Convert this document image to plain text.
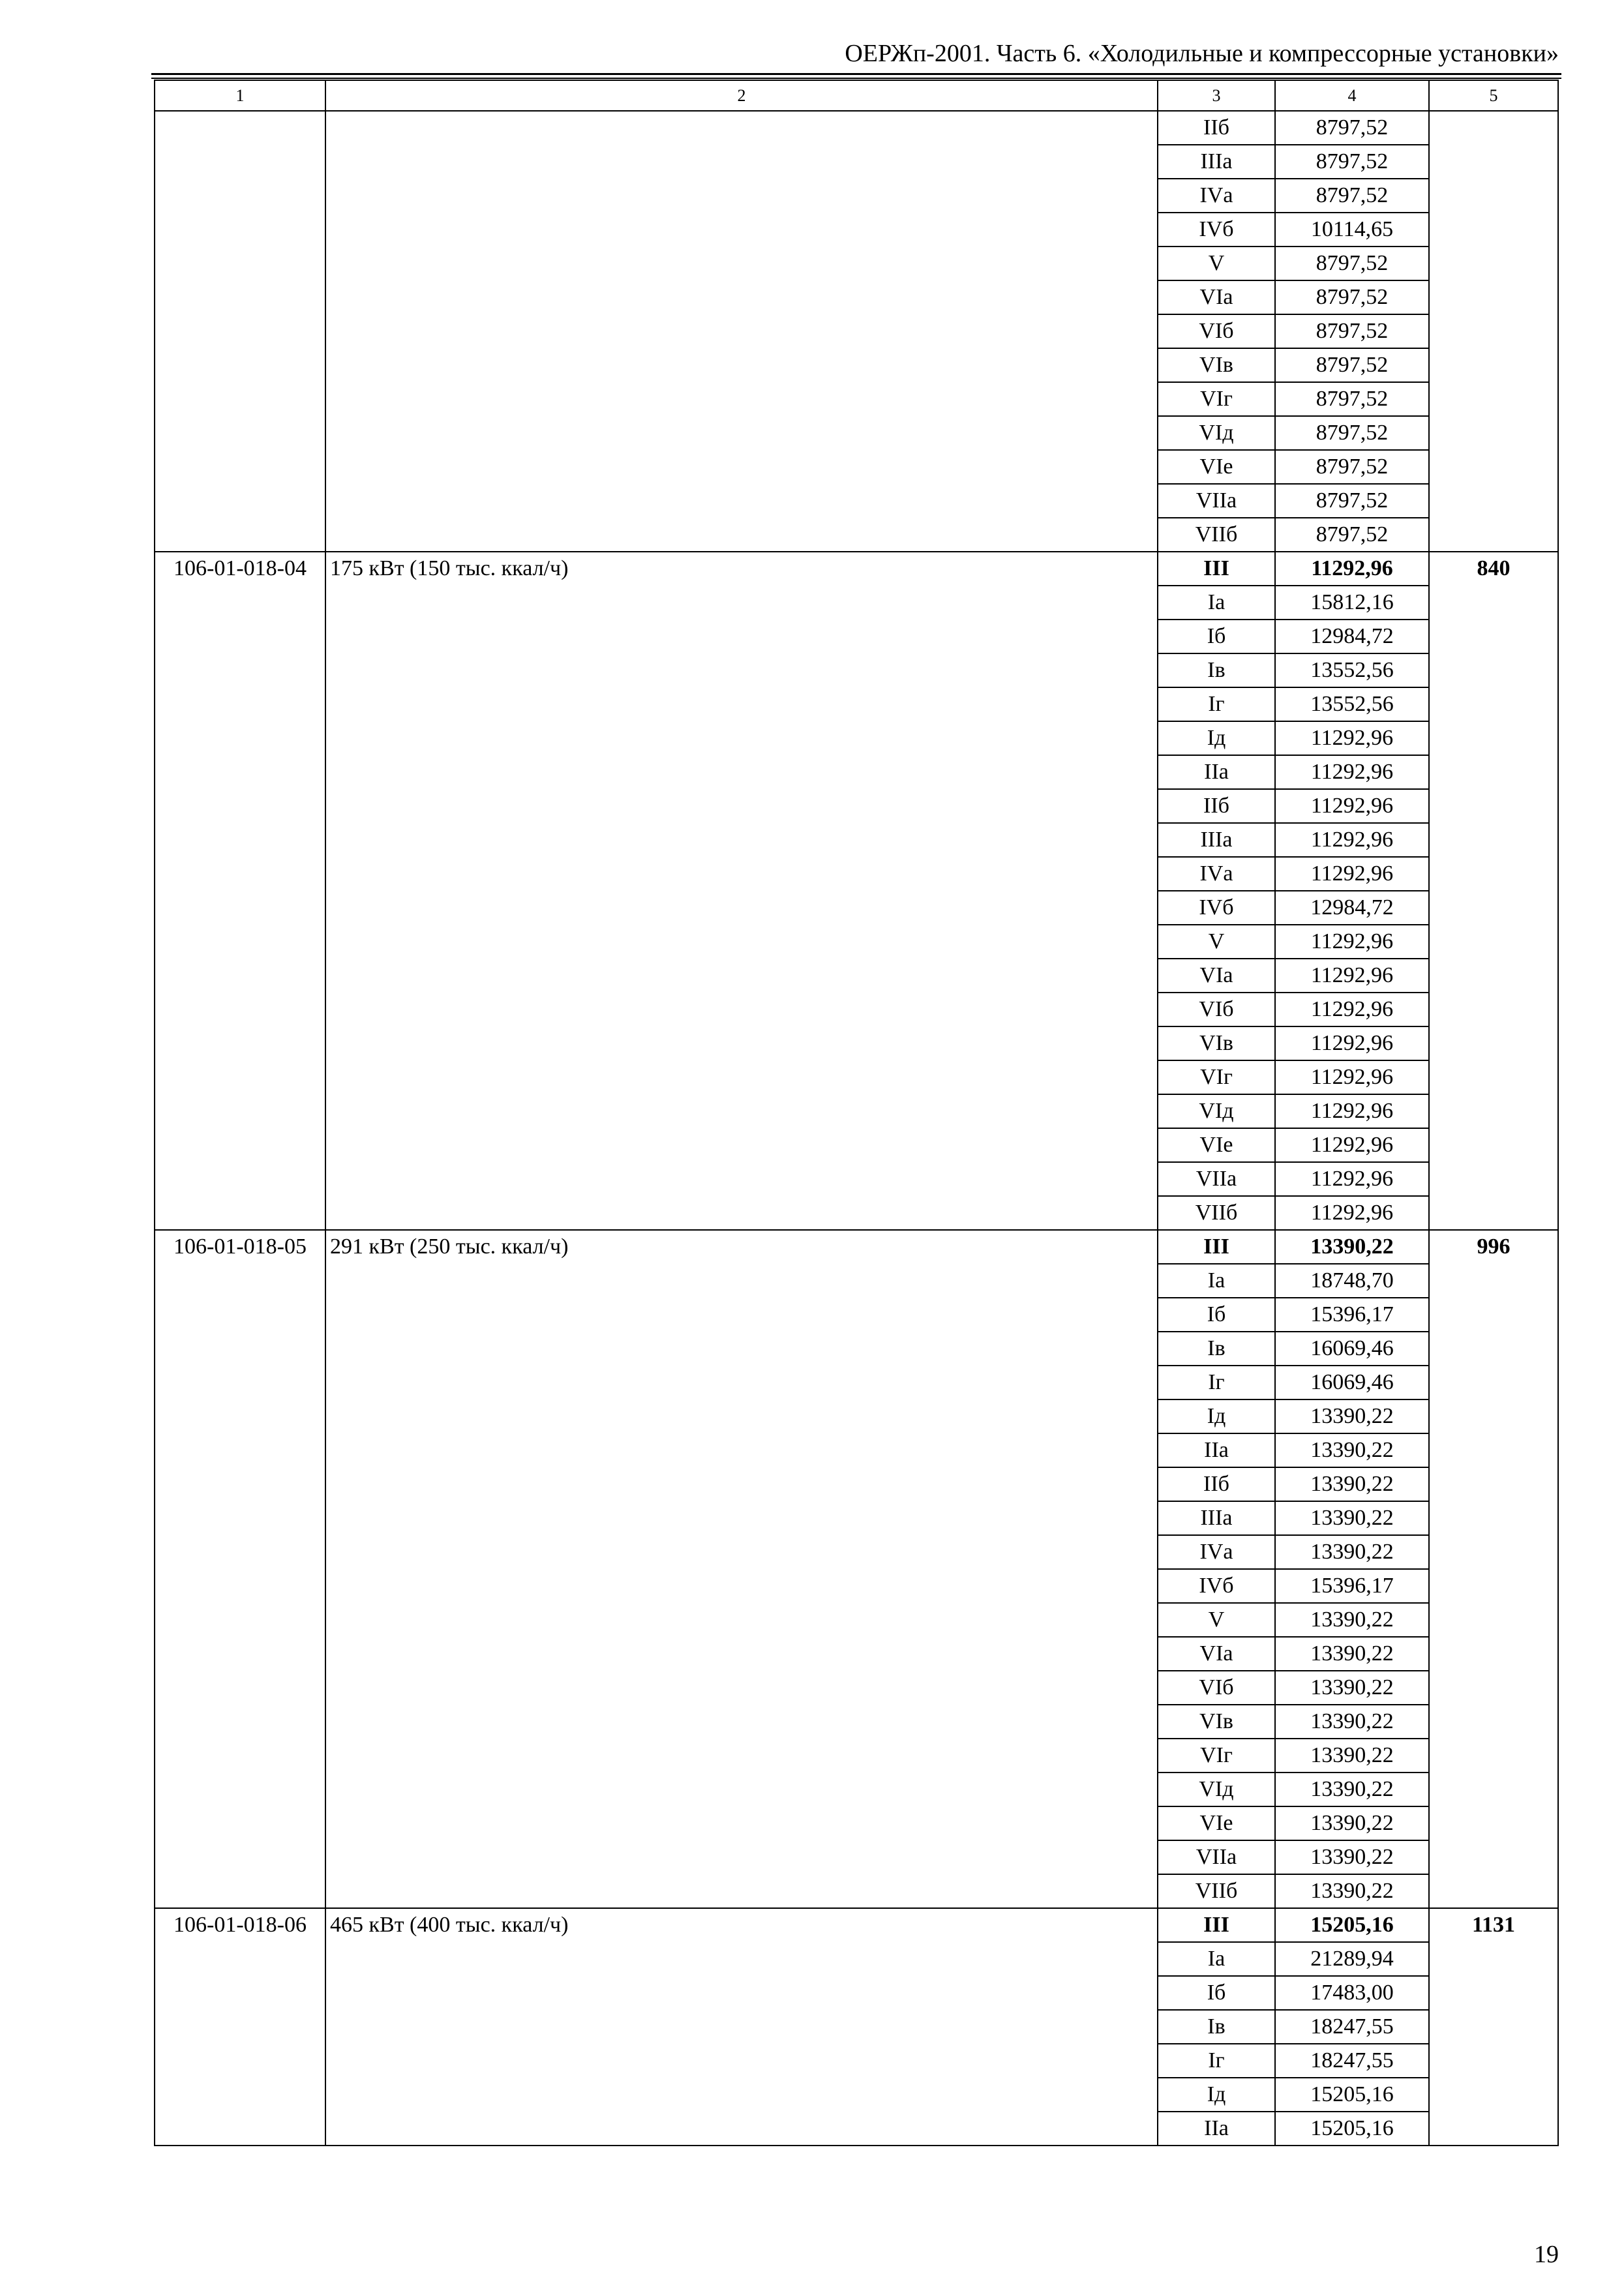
ОЕРЖп-2001. Часть 6. «Холодильные и компрессорные установки»
1	2	3	4	5
		IIб	8797,52	
		IIIа	8797,52	
		IVа	8797,52	
		IVб	10114,65	
		V	8797,52	
		VIа	8797,52	
		VIб	8797,52	
		VIв	8797,52	
		VIг	8797,52	
		VIд	8797,52	
		VIе	8797,52	
		VIIа	8797,52	
		VIIб	8797,52	
106-01-018-04	175 кВт (150 тыс. ккал/ч)	III	11292,96	840
		Iа	15812,16	
		Iб	12984,72	
		Iв	13552,56	
		Iг	13552,56	
		Iд	11292,96	
		IIа	11292,96	
		IIб	11292,96	
		IIIа	11292,96	
		IVа	11292,96	
		IVб	12984,72	
		V	11292,96	
		VIа	11292,96	
		VIб	11292,96	
		VIв	11292,96	
		VIг	11292,96	
		VIд	11292,96	
		VIе	11292,96	
		VIIа	11292,96	
		VIIб	11292,96	
106-01-018-05	291 кВт (250 тыс. ккал/ч)	III	13390,22	996
		Iа	18748,70	
		Iб	15396,17	
		Iв	16069,46	
		Iг	16069,46	
		Iд	13390,22	
		IIа	13390,22	
		IIб	13390,22	
		IIIа	13390,22	
		IVа	13390,22	
		IVб	15396,17	
		V	13390,22	
		VIа	13390,22	
		VIб	13390,22	
		VIв	13390,22	
		VIг	13390,22	
		VIд	13390,22	
		VIе	13390,22	
		VIIа	13390,22	
		VIIб	13390,22	
106-01-018-06	465 кВт (400 тыс. ккал/ч)	III	15205,16	1131
		Iа	21289,94	
		Iб	17483,00	
		Iв	18247,55	
		Iг	18247,55	
		Iд	15205,16	
		IIа	15205,16	
19
